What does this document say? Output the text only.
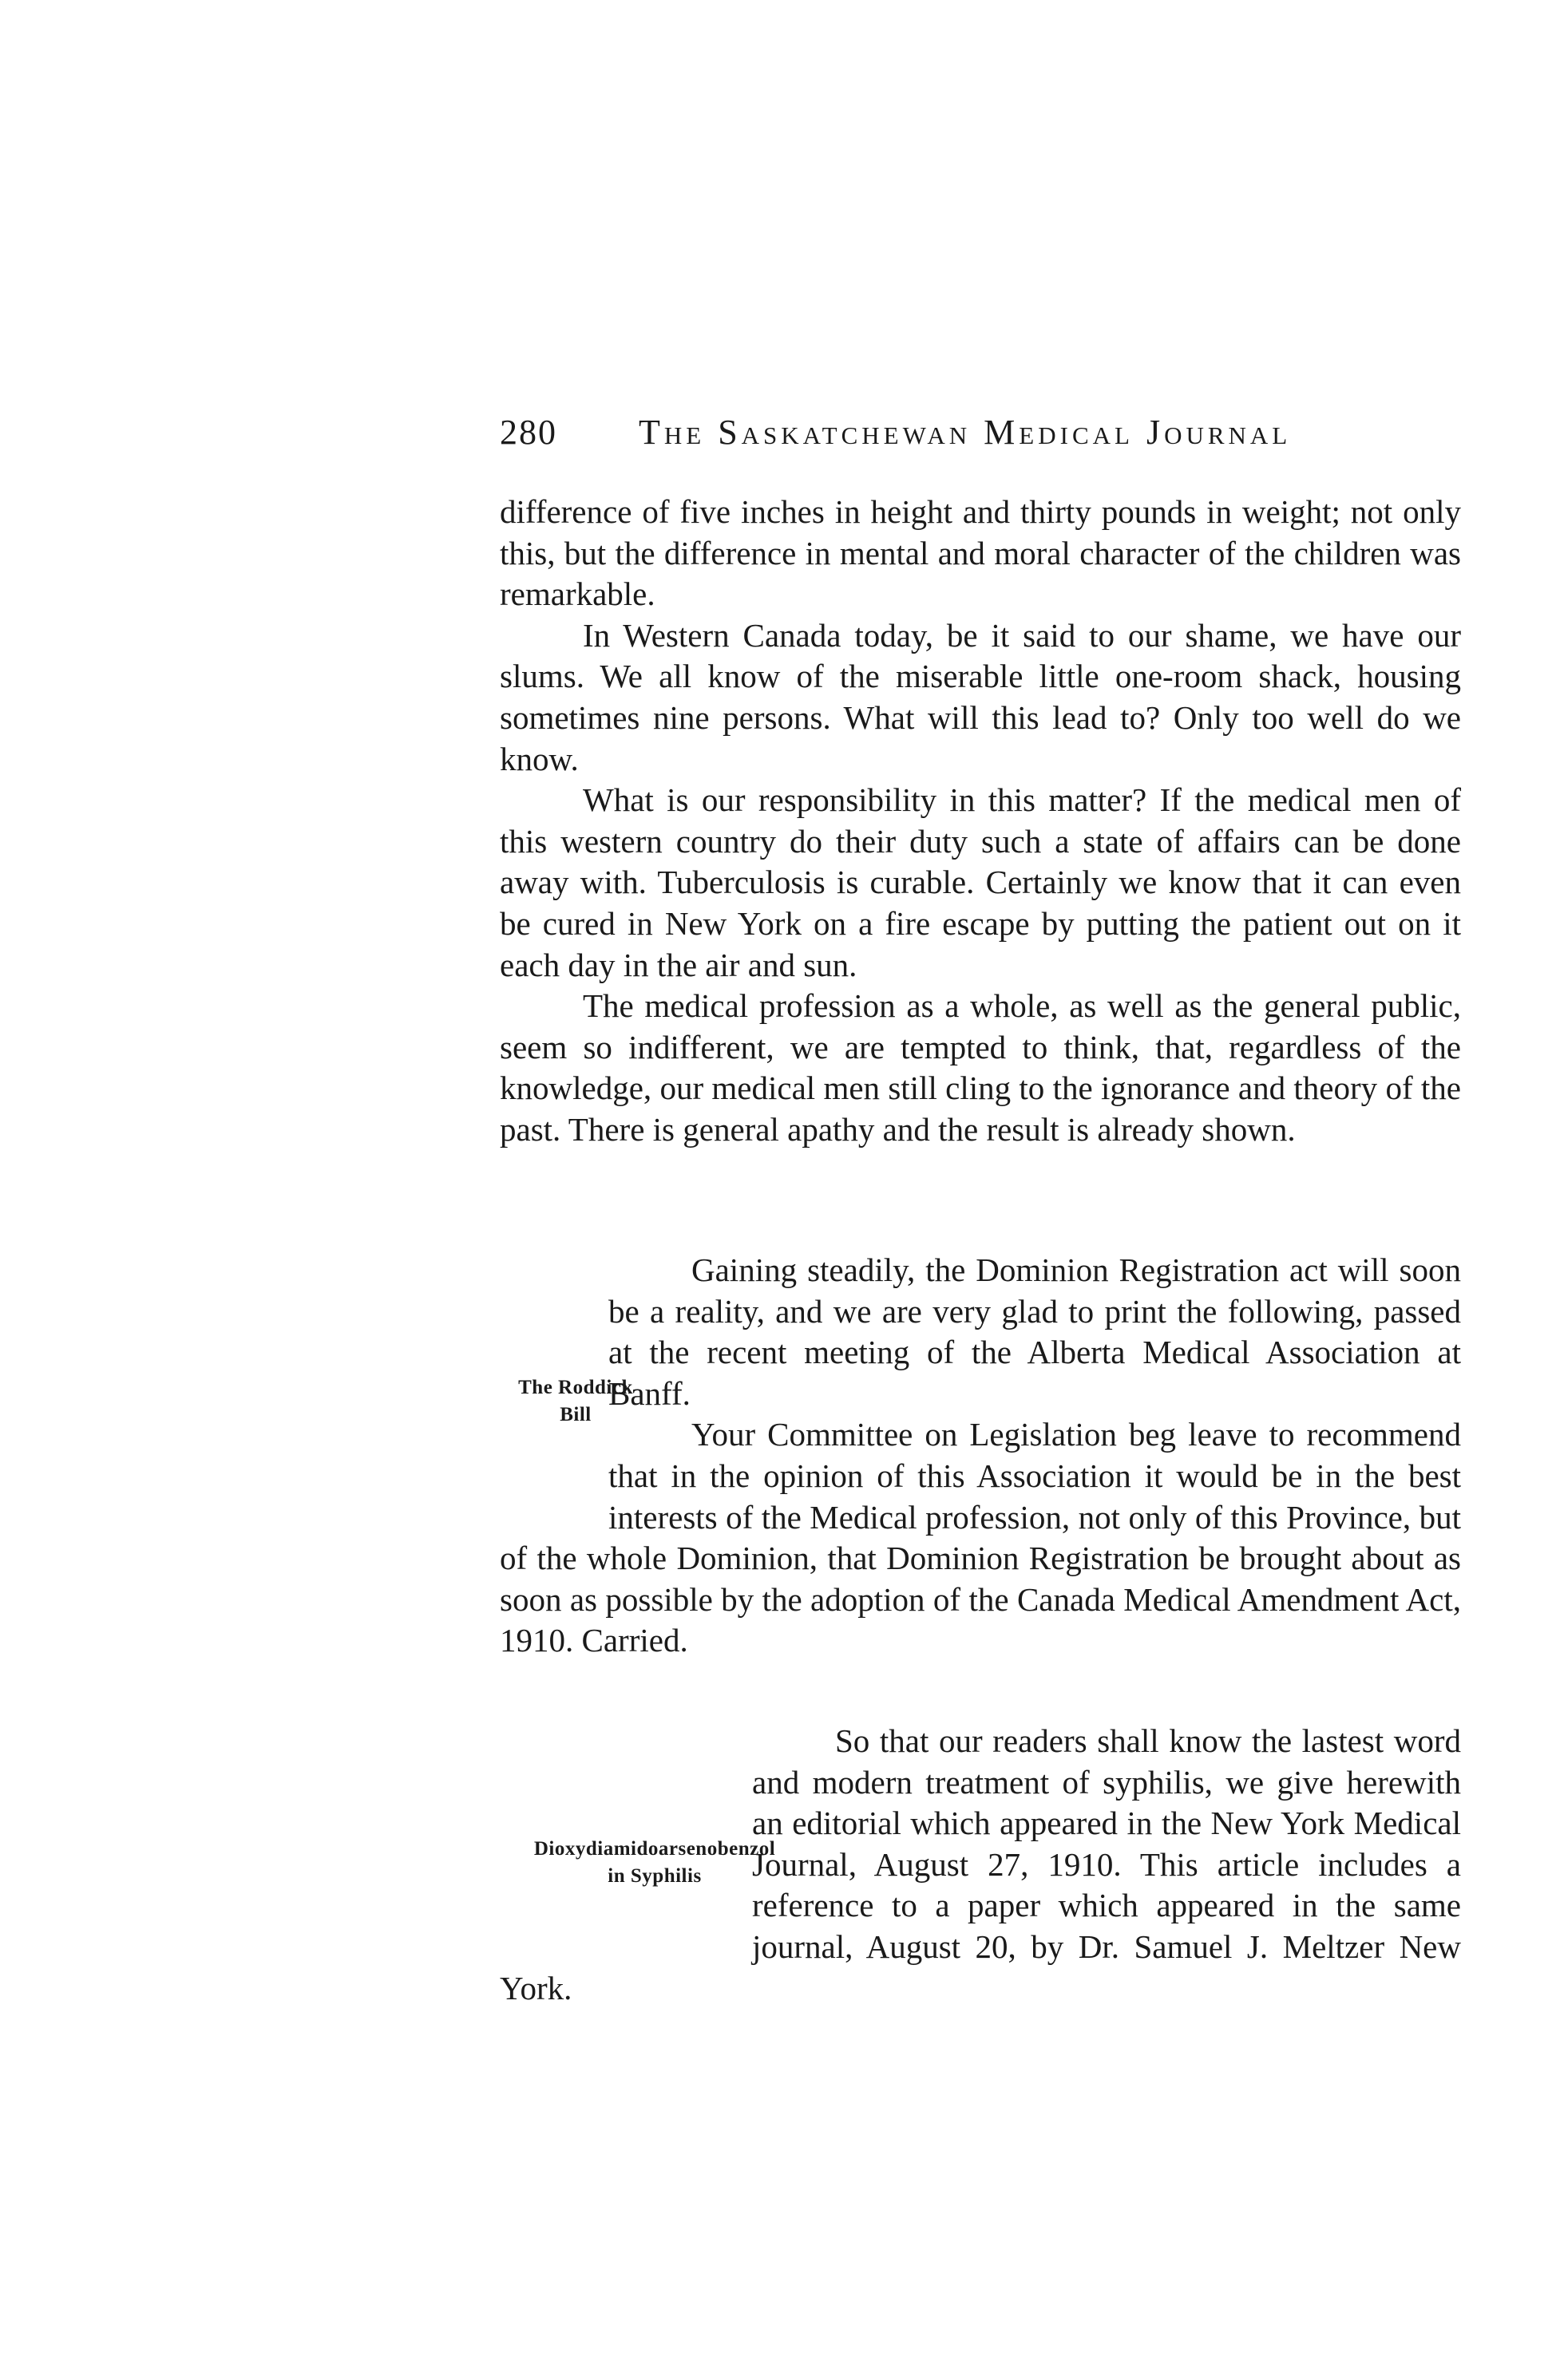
280 The Saskatchewan Medical Journal

difference of five inches in height and thirty pounds in weight; not only this, but the difference in mental and moral character of the children was remarkable.

In Western Canada today, be it said to our shame, we have our slums. We all know of the miserable little one-room shack, housing sometimes nine persons. What will this lead to? Only too well do we know.

What is our responsibility in this matter? If the medical men of this western country do their duty such a state of affairs can be done away with. Tuberculosis is curable. Certainly we know that it can even be cured in New York on a fire escape by putting the patient out on it each day in the air and sun.

The medical profession as a whole, as well as the general public, seem so indifferent, we are tempted to think, that, regardless of the knowledge, our medical men still cling to the ignorance and theory of the past. There is general apathy and the result is already shown.

Gaining steadily, the Dominion Registration act will soon be a reality, and we are very glad to print the following, passed at the recent meeting of the Alberta Medical Association at Banff.

Your Committee on Legislation beg leave to recommend that in the opinion of this Association it would be in the best interests of the Medical profession, not only of this Province, but of the whole Dominion, that Dominion Registration be brought about as soon as possible by the adoption of the Canada Medical Amendment Act, 1910. Carried.

The Roddick
Bill

So that our readers shall know the lastest word and modern treatment of syphilis, we give herewith an editorial which appeared in the New York Medical Journal, August 27, 1910. This article includes a reference to a paper which appeared in the same journal, August 20, by Dr. Samuel J. Meltzer New York.

Dioxydiamidoarsenobenzol
in Syphilis
